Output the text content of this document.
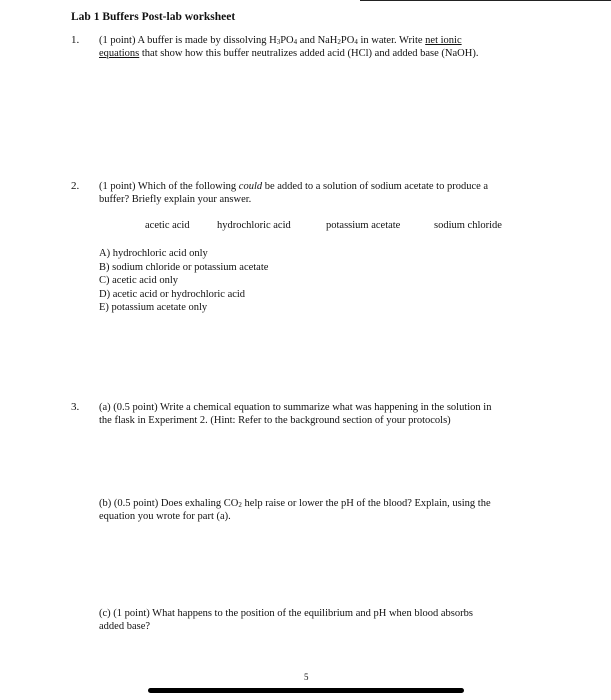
Lab 1 Buffers Post-lab worksheet
1. (1 point) A buffer is made by dissolving $H_3PO_4$ and $NaH_2PO_4$ in water. Write net ionic
equations that show how this buffer neutralizes added acid (HCl) and added base (NaOH).
2. (1 point) Which of the following could be added to a solution of sodium acetate to produce a
buffer? Briefly explain your answer.
acetic acid	hydrochloric acid	potassium acetate	sodium chloride
A) hydrochloric acid only
B) sodium chloride or potassium acetate
C) acetic acid only
D) acetic acid or hydrochloric acid
E) potassium acetate only
3. (a) (0.5 point) Write a chemical equation to summarize what was happening in the solution in
the flask in Experiment 2. (Hint: Refer to the background section of your protocols)
(b) (0.5 point) Does exhaling $CO_2$ help raise or lower the pH of the blood? Explain, using the
equation you wrote for part (a).
(c) (1 point) What happens to the position of the equilibrium and pH when blood absorbs
added base?
5
